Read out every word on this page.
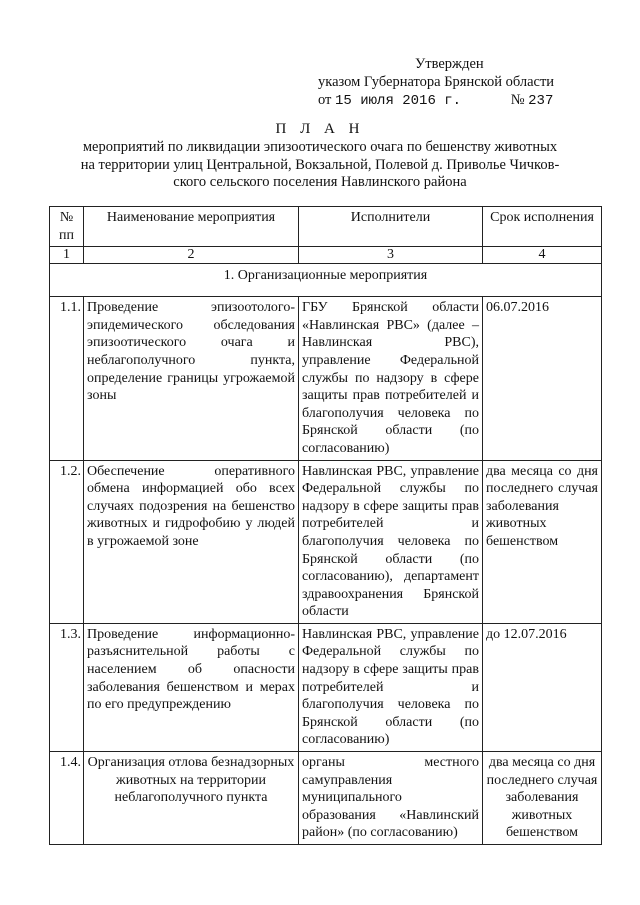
Утвержден
указом Губернатора Брянской области
от 15 июля 2016 г.	№ 237
П Л А Н
мероприятий по ликвидации эпизоотического очага по бешенству животных
на территории улиц Центральной, Вокзальной, Полевой д. Приволье Чичков-
ского сельского поселения Навлинского района
№ пп	Наименование мероприятия	Исполнители	Срок исполнения
1	2	3	4
1. Организационные мероприятия			
1.1.	Проведение эпизоотолого-эпидемического обследования эпизоотического очага и неблагополучного пункта, определение границы угрожаемой зоны	ГБУ Брянской области «Навлинская РВС» (далее – Навлинская РВС), управление Федеральной службы по надзору в сфере защиты прав потребителей и благополучия человека по Брянской области (по согласованию)	06.07.2016
1.2.	Обеспечение оперативного обмена информацией обо всех случаях подозрения на бешенство животных и гидрофобию у людей в угрожаемой зоне	Навлинская РВС, управление Федеральной службы по надзору в сфере защиты прав потребителей и благополучия человека по Брянской области (по согласованию), департамент здравоохранения Брянской области	два месяца со дня последнего случая заболевания животных бешенством
1.3.	Проведение информационно-разъяснительной работы с населением об опасности заболевания бешенством и мерах по его предупреждению	Навлинская РВС, управление Федеральной службы по надзору в сфере защиты прав потребителей и благополучия человека по Брянской области (по согласованию)	до 12.07.2016
1.4.	Организация отлова безнадзорных животных на территории неблагополучного пункта	органы местного самуправления муниципального образования «Навлинский район» (по согласованию)	два месяца со дня последнего случая заболевания животных бешенством
